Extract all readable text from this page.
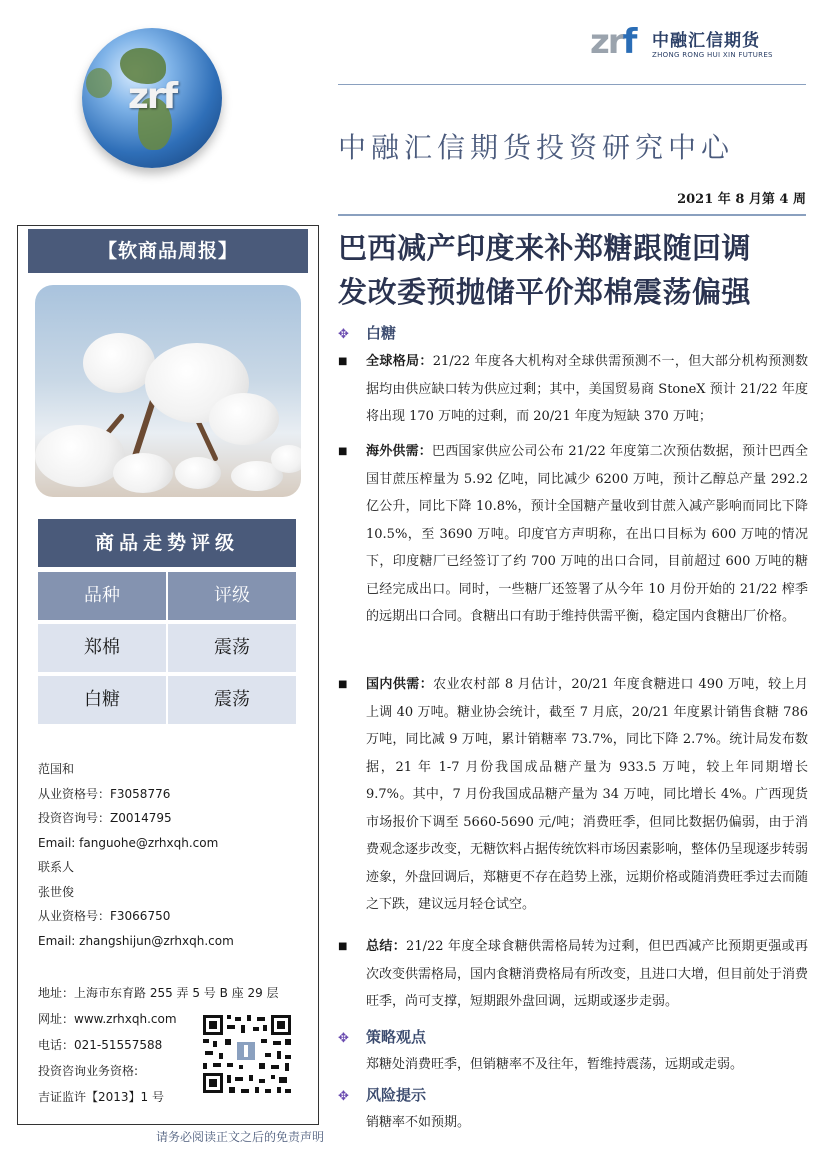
zrf
zrf 中融汇信期货
ZHONG RONG HUI XIN FUTURES
中融汇信期货投资研究中心
2021 年 8 月第 4 周
【软商品周报】
商品走势评级
品种	评级
郑棉	震荡
白糖	震荡
范国和
从业资格号：F3058776
投资咨询号：Z0014795
Email: fanguohe@zrhxqh.com
联系人
张世俊
从业资格号：F3066750
Email: zhangshijun@zrhxqh.com
地址：上海市东育路 255 弄 5 号 B 座 29 层
网址：www.zrhxqh.com
电话：021-51557588
投资咨询业务资格:
吉证监许【2013】1 号
请务必阅读正文之后的免责声明
巴西减产印度来补郑糖跟随回调
发改委预抛储平价郑棉震荡偏强
✥ 白糖
■ 全球格局：21/22 年度各大机构对全球供需预测不一，但大部分机构预测数据均由供应缺口转为供应过剩；其中，美国贸易商 StoneX 预计 21/22 年度将出现 170 万吨的过剩，而 20/21 年度为短缺 370 万吨；
■ 海外供需：巴西国家供应公司公布 21/22 年度第二次预估数据，预计巴西全国甘蔗压榨量为 5.92 亿吨，同比减少 6200 万吨，预计乙醇总产量 292.2 亿公升，同比下降 10.8%，预计全国糖产量收到甘蔗入减产影响而同比下降 10.5%，至 3690 万吨。印度官方声明称，在出口目标为 600 万吨的情况下，印度糖厂已经签订了约 700 万吨的出口合同，目前超过 600 万吨的糖已经完成出口。同时，一些糖厂还签署了从今年 10 月份开始的 21/22 榨季的远期出口合同。食糖出口有助于维持供需平衡，稳定国内食糖出厂价格。
■ 国内供需：农业农村部 8 月估计，20/21 年度食糖进口 490 万吨，较上月上调 40 万吨。糖业协会统计，截至 7 月底，20/21 年度累计销售食糖 786 万吨，同比减 9 万吨，累计销糖率 73.7%，同比下降 2.7%。统计局发布数据，21 年 1-7 月份我国成品糖产量为 933.5 万吨，较上年同期增长 9.7%。其中，7 月份我国成品糖产量为 34 万吨，同比增长 4%。广西现货市场报价下调至 5660-5690 元/吨；消费旺季，但同比数据仍偏弱，由于消费观念逐步改变，无糖饮料占据传统饮料市场因素影响，整体仍呈现逐步转弱迹象，外盘回调后，郑糖更不存在趋势上涨，远期价格或随消费旺季过去而随之下跌，建议远月轻仓试空。
■ 总结：21/22 年度全球食糖供需格局转为过剩，但巴西减产比预期更强或再次改变供需格局，国内食糖消费格局有所改变，且进口大增，但目前处于消费旺季，尚可支撑，短期跟外盘回调，远期或逐步走弱。
✥ 策略观点
郑糖处消费旺季，但销糖率不及往年，暂维持震荡，远期或走弱。
✥ 风险提示
销糖率不如预期。
